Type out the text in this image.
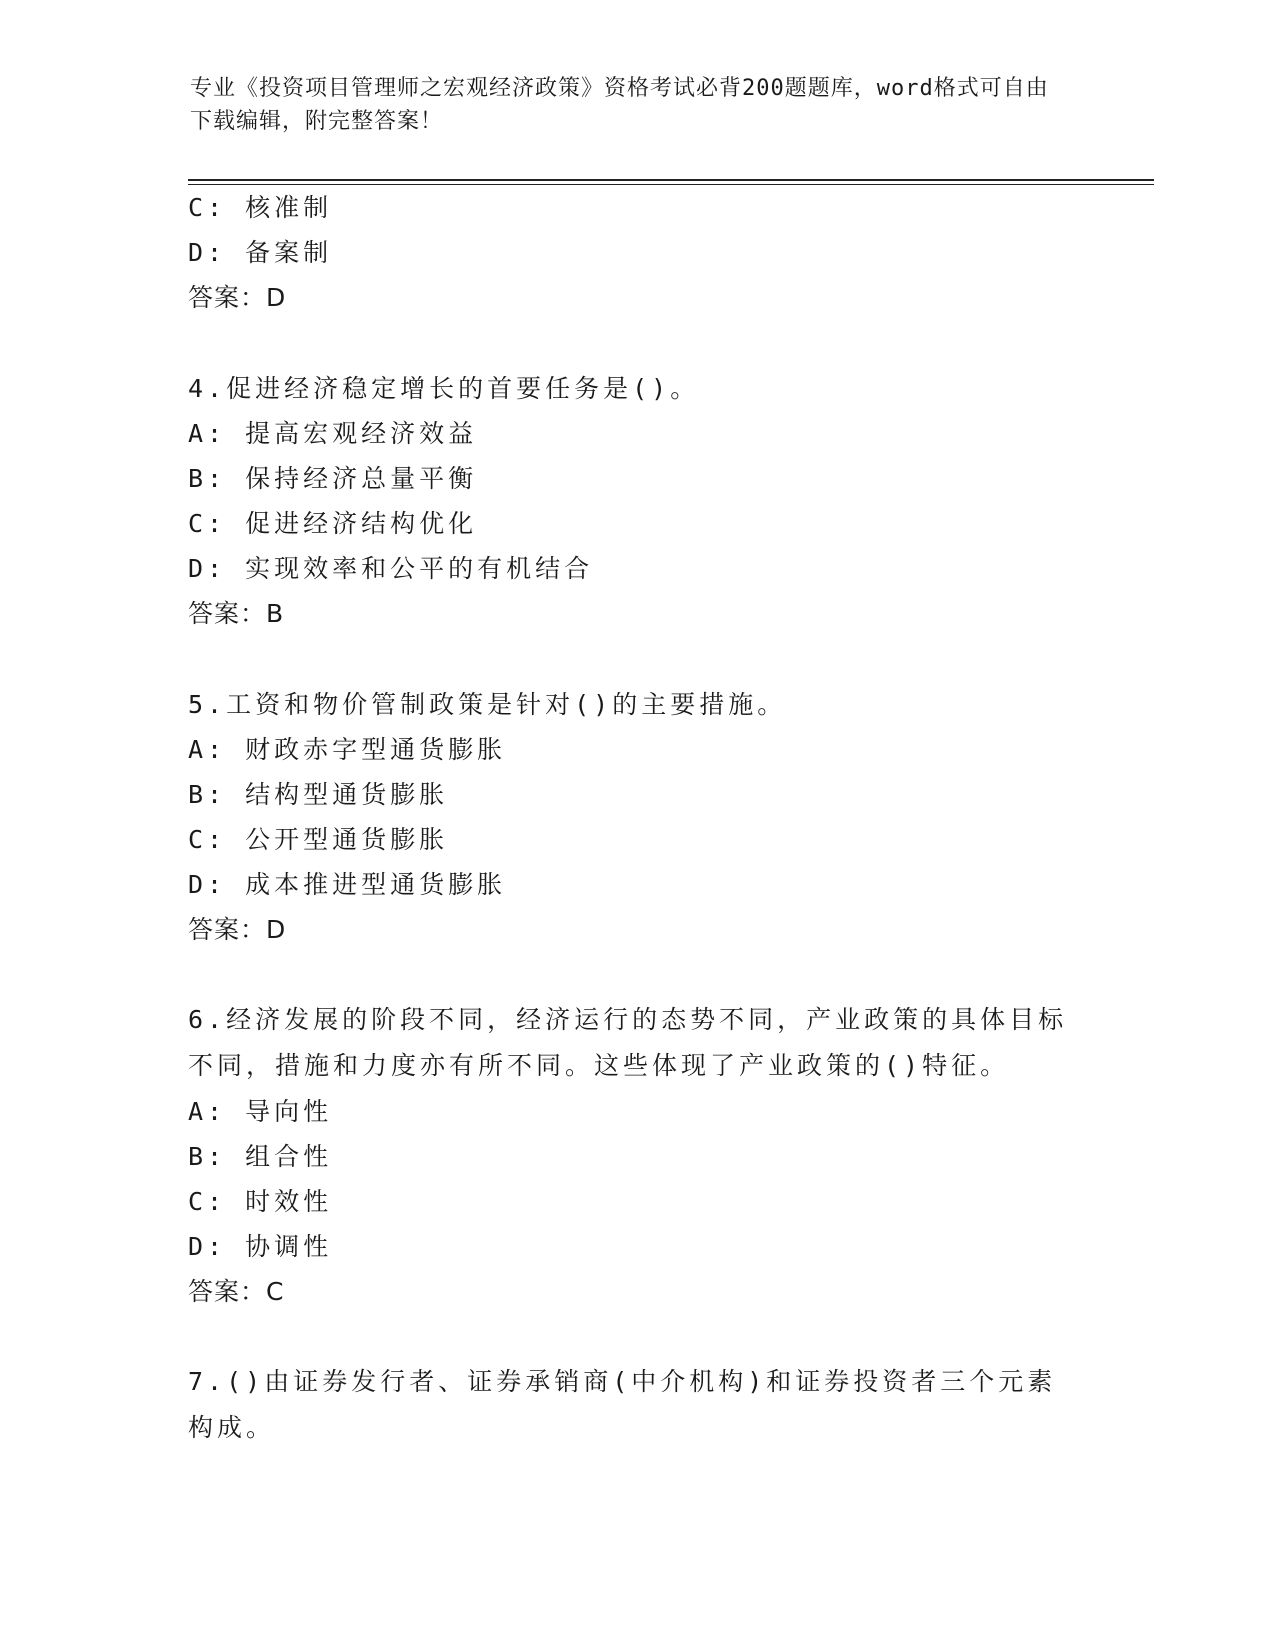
专业《投资项目管理师之宏观经济政策》资格考试必背200题题库，word格式可自由下载编辑，附完整答案！
C: 核准制
D: 备案制
答案：D
4.促进经济稳定增长的首要任务是()。
A: 提高宏观经济效益
B: 保持经济总量平衡
C: 促进经济结构优化
D: 实现效率和公平的有机结合
答案：B
5.工资和物价管制政策是针对()的主要措施。
A: 财政赤字型通货膨胀
B: 结构型通货膨胀
C: 公开型通货膨胀
D: 成本推进型通货膨胀
答案：D
6.经济发展的阶段不同，经济运行的态势不同，产业政策的具体目标不同，措施和力度亦有所不同。这些体现了产业政策的()特征。
A: 导向性
B: 组合性
C: 时效性
D: 协调性
答案：C
7.()由证券发行者、证券承销商(中介机构)和证券投资者三个元素构成。
